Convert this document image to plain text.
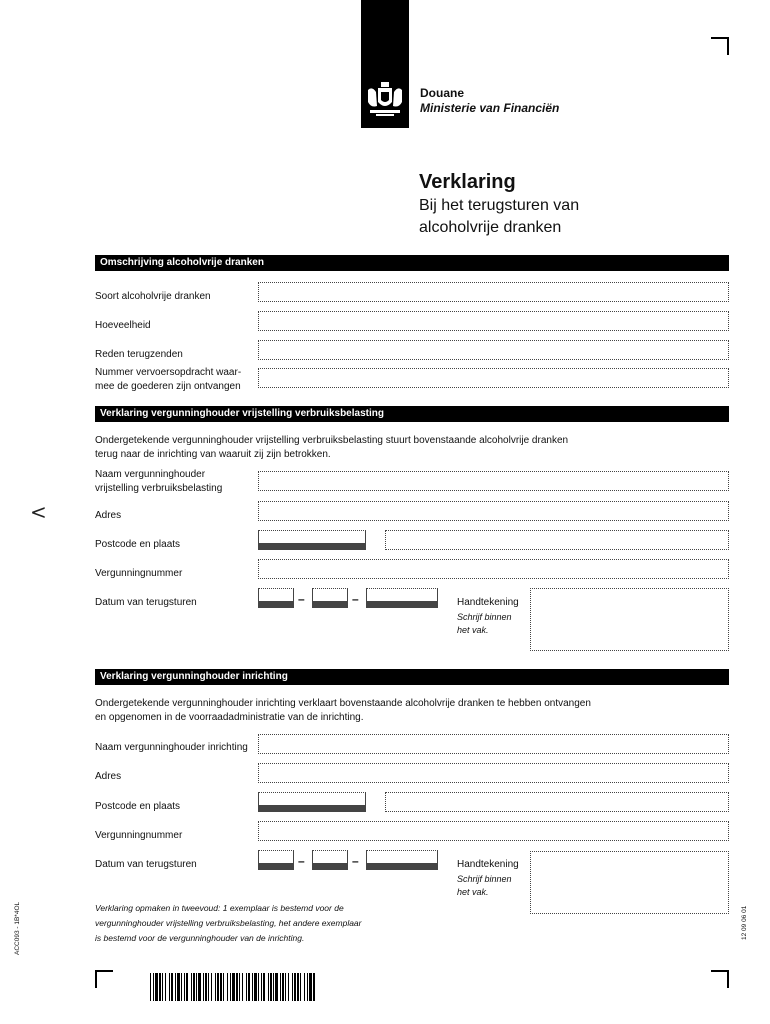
Douane
Ministerie van Financiën
<
Verklaring
Bij het terugsturen van alcoholvrije dranken
Omschrijving alcoholvrije dranken
Soort alcoholvrije dranken
Hoeveelheid
Reden terugzenden
Nummer vervoersopdracht waar-
mee de goederen zijn ontvangen
Verklaring vergunninghouder vrijstelling verbruiksbelasting
Ondergetekende vergunninghouder vrijstelling verbruiksbelasting stuurt bovenstaande alcoholvrije dranken
terug naar de inrichting van waaruit zij zijn betrokken.
Naam vergunninghouder
vrijstelling verbruiksbelasting
Adres
Postcode en plaats
Vergunningnummer
Datum van terugsturen	–	–	Handtekening
Schrijf binnen
het vak.
Verklaring vergunninghouder inrichting
Ondergetekende vergunninghouder inrichting verklaart bovenstaande alcoholvrije dranken te hebben ontvangen
en opgenomen in de voorraadadministratie van de inrichting.
Naam vergunninghouder inrichting
Adres
Postcode en plaats
Vergunningnummer
Datum van terugsturen	–	–	Handtekening
Schrijf binnen
het vak.
Verklaring opmaken in tweevoud: 1 exemplaar is bestemd voor de
vergunninghouder vrijstelling verbruiksbelasting, het andere exemplaar
is bestemd voor de vergunninghouder van de inrichting.
ACC093 - 1B*4OL	12 09 06 01
